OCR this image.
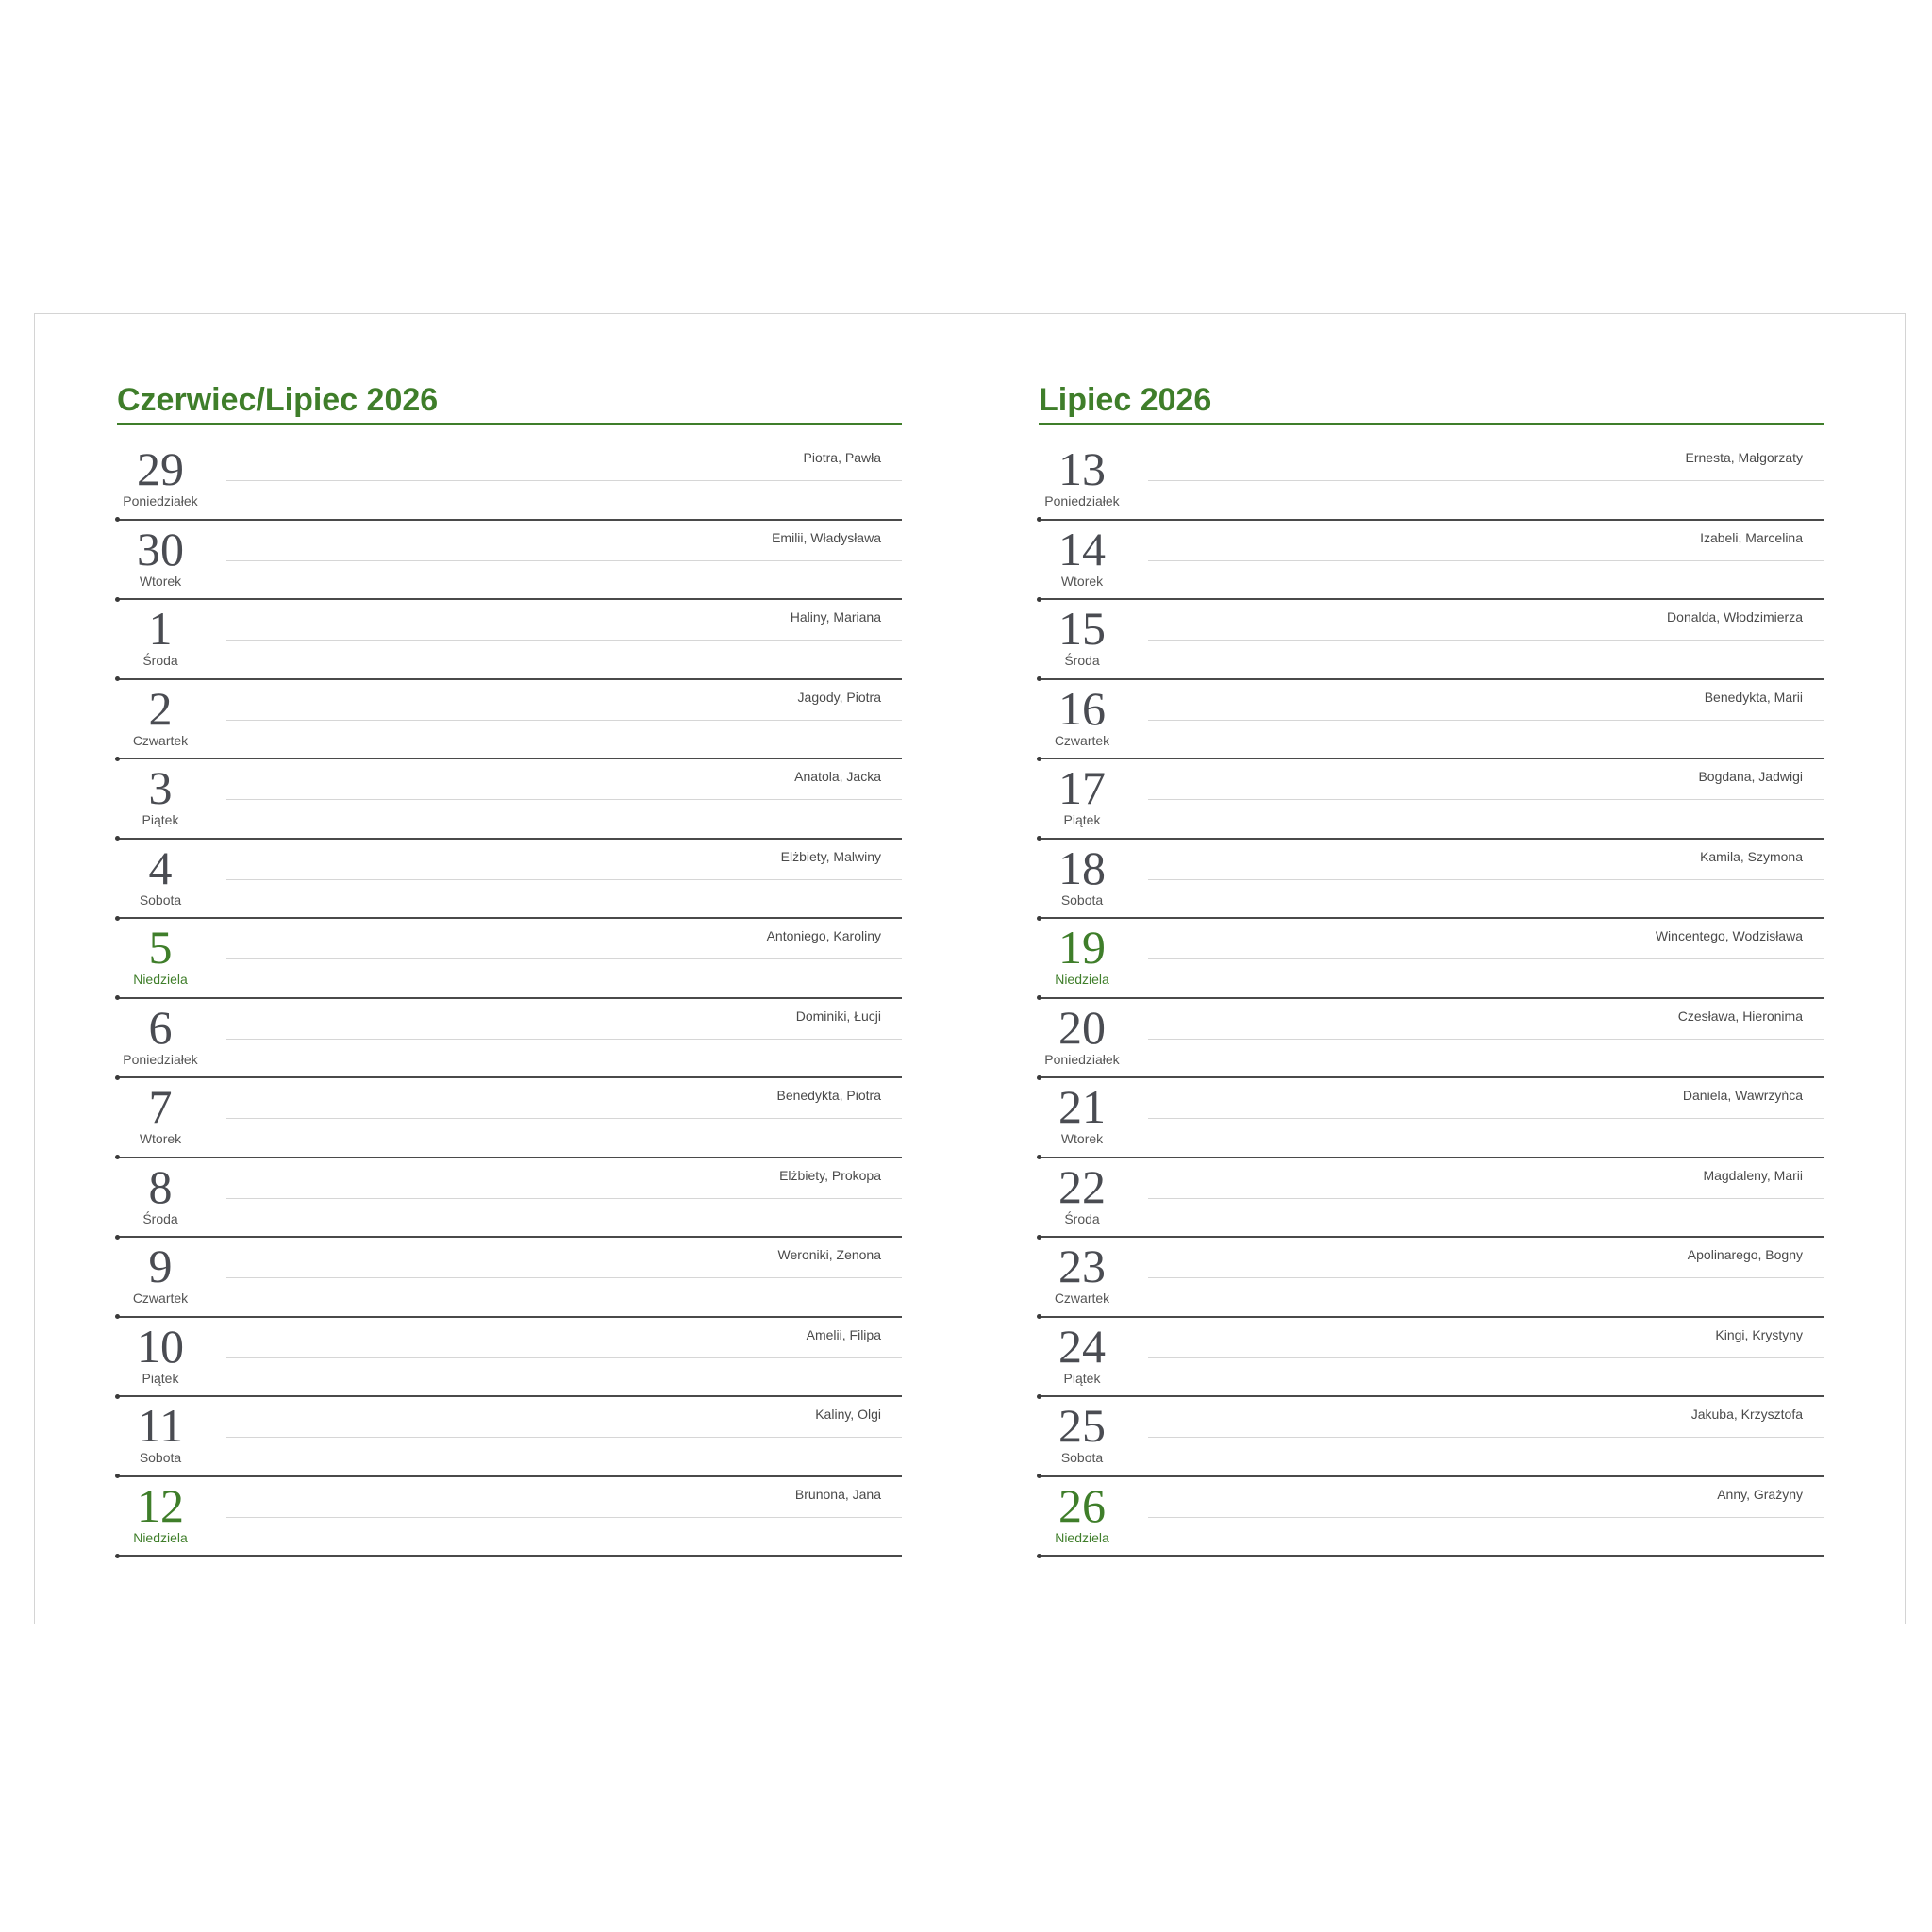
Czerwiec/Lipiec 2026
29
Poniedziałek
Piotra, Pawła
30
Wtorek
Emilii, Władysława
1
Środa
Haliny, Mariana
2
Czwartek
Jagody, Piotra
3
Piątek
Anatola, Jacka
4
Sobota
Elżbiety, Malwiny
5
Niedziela
Antoniego, Karoliny
6
Poniedziałek
Dominiki, Łucji
7
Wtorek
Benedykta, Piotra
8
Środa
Elżbiety, Prokopa
9
Czwartek
Weroniki, Zenona
10
Piątek
Amelii, Filipa
11
Sobota
Kaliny, Olgi
12
Niedziela
Brunona, Jana
Lipiec 2026
13
Poniedziałek
Ernesta, Małgorzaty
14
Wtorek
Izabeli, Marcelina
15
Środa
Donalda, Włodzimierza
16
Czwartek
Benedykta, Marii
17
Piątek
Bogdana, Jadwigi
18
Sobota
Kamila, Szymona
19
Niedziela
Wincentego, Wodzisława
20
Poniedziałek
Czesława, Hieronima
21
Wtorek
Daniela, Wawrzyńca
22
Środa
Magdaleny, Marii
23
Czwartek
Apolinarego, Bogny
24
Piątek
Kingi, Krystyny
25
Sobota
Jakuba, Krzysztofa
26
Niedziela
Anny, Grażyny
